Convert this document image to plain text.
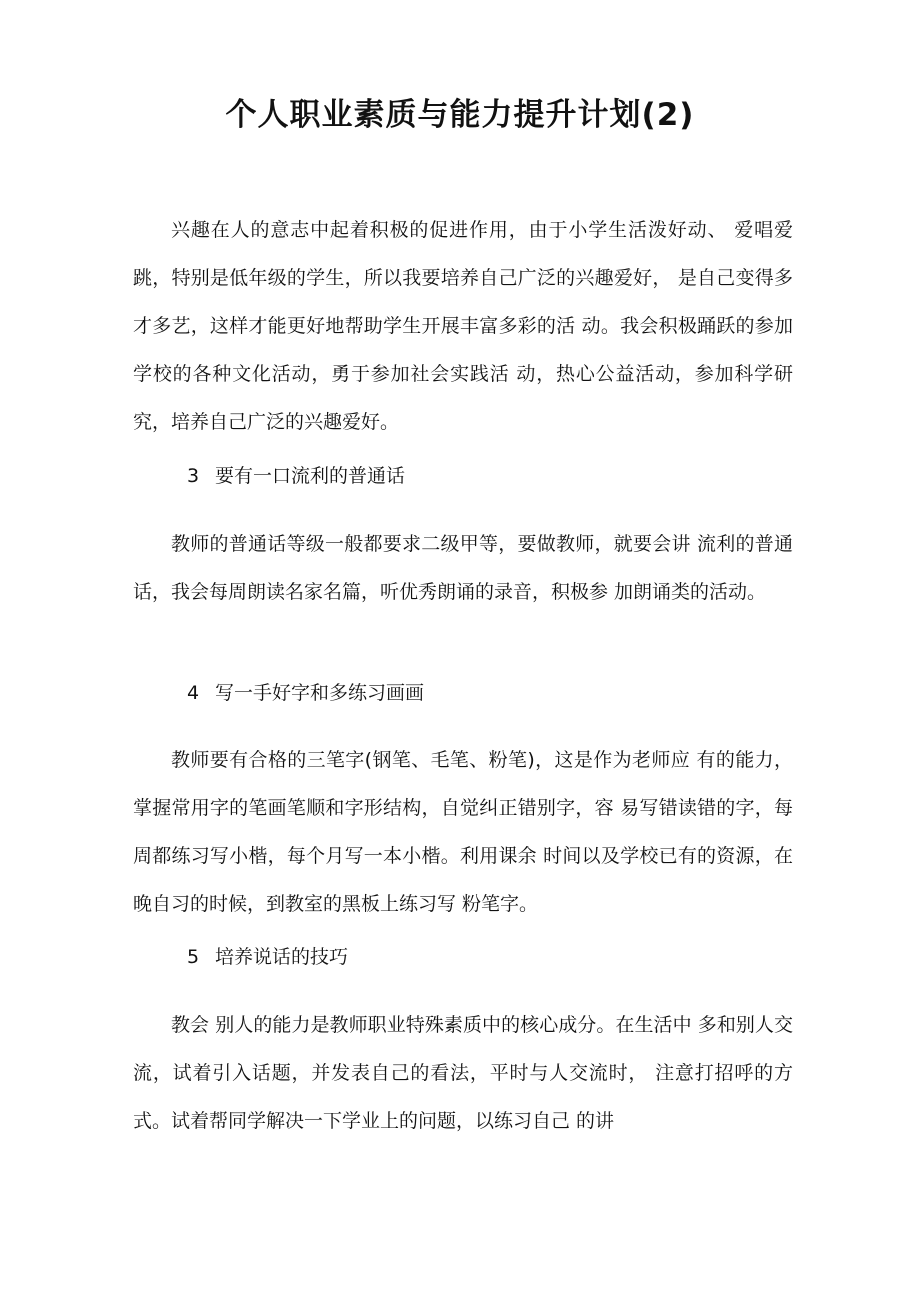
个人职业素质与能力提升计划(2)

兴趣在人的意志中起着积极的促进作用，由于小学生活泼好动、 爱唱爱跳，特别是低年级的学生，所以我要培养自己广泛的兴趣爱好， 是自己变得多才多艺，这样才能更好地帮助学生开展丰富多彩的活 动。我会积极踊跃的参加学校的各种文化活动，勇于参加社会实践活 动，热心公益活动，参加科学研究，培养自己广泛的兴趣爱好。

3 要有一口流利的普通话

教师的普通话等级一般都要求二级甲等，要做教师，就要会讲 流利的普通话，我会每周朗读名家名篇，听优秀朗诵的录音，积极参 加朗诵类的活动。

4 写一手好字和多练习画画

教师要有合格的三笔字(钢笔、毛笔、粉笔)，这是作为老师应 有的能力，掌握常用字的笔画笔顺和字形结构，自觉纠正错别字，容 易写错读错的字，每周都练习写小楷，每个月写一本小楷。利用课余 时间以及学校已有的资源，在晚自习的时候，到教室的黑板上练习写 粉笔字。

5 培养说话的技巧

教会 别人的能力是教师职业特殊素质中的核心成分。在生活中 多和别人交流，试着引入话题，并发表自己的看法，平时与人交流时， 注意打招呼的方式。试着帮同学解决一下学业上的问题，以练习自己 的讲
